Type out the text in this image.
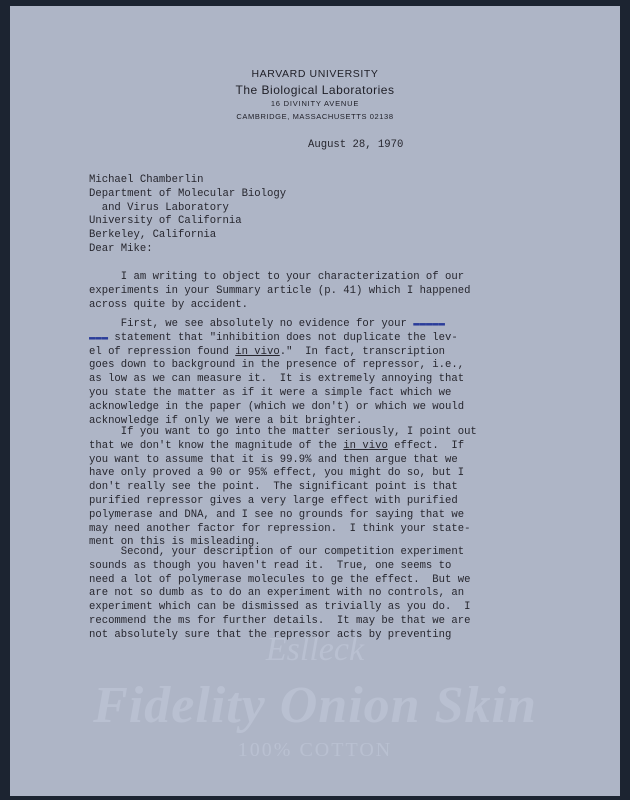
HARVARD UNIVERSITY
The Biological Laboratories
16 DIVINITY AVENUE
CAMBRIDGE, MASSACHUSETTS 02138
August 28, 1970
Michael Chamberlin
Department of Molecular Biology
and Virus Laboratory
University of California
Berkeley, California
Dear Mike:
I am writing to object to your characterization of our
experiments in your Summary article (p. 41) which I happened
across quite by accident.
First, we see absolutely no evidence for your ▬▬▬▬▬
▬▬▬ statement that "inhibition does not duplicate the lev-
el of repression found in vivo."  In fact, transcription
goes down to background in the presence of repressor, i.e.,
as low as we can measure it.  It is extremely annoying that
you state the matter as if it were a simple fact which we
acknowledge in the paper (which we don't) or which we would
acknowledge if only we were a bit brighter.
If you want to go into the matter seriously, I point out
that we don't know the magnitude of the in vivo effect.  If
you want to assume that it is 99.9% and then argue that we
have only proved a 90 or 95% effect, you might do so, but I
don't really see the point.  The significant point is that
purified repressor gives a very large effect with purified
polymerase and DNA, and I see no grounds for saying that we
may need another factor for repression.  I think your state-
ment on this is misleading.
Second, your description of our competition experiment
sounds as though you haven't read it.  True, one seems to
need a lot of polymerase molecules to ge the effect.  But we
are not so dumb as to do an experiment with no controls, an
experiment which can be dismissed as trivially as you do.  I
recommend the ms for further details.  It may be that we are
not absolutely sure that the repressor acts by preventing
Eslleck
Fidelity Onion Skin
100% COTTON
